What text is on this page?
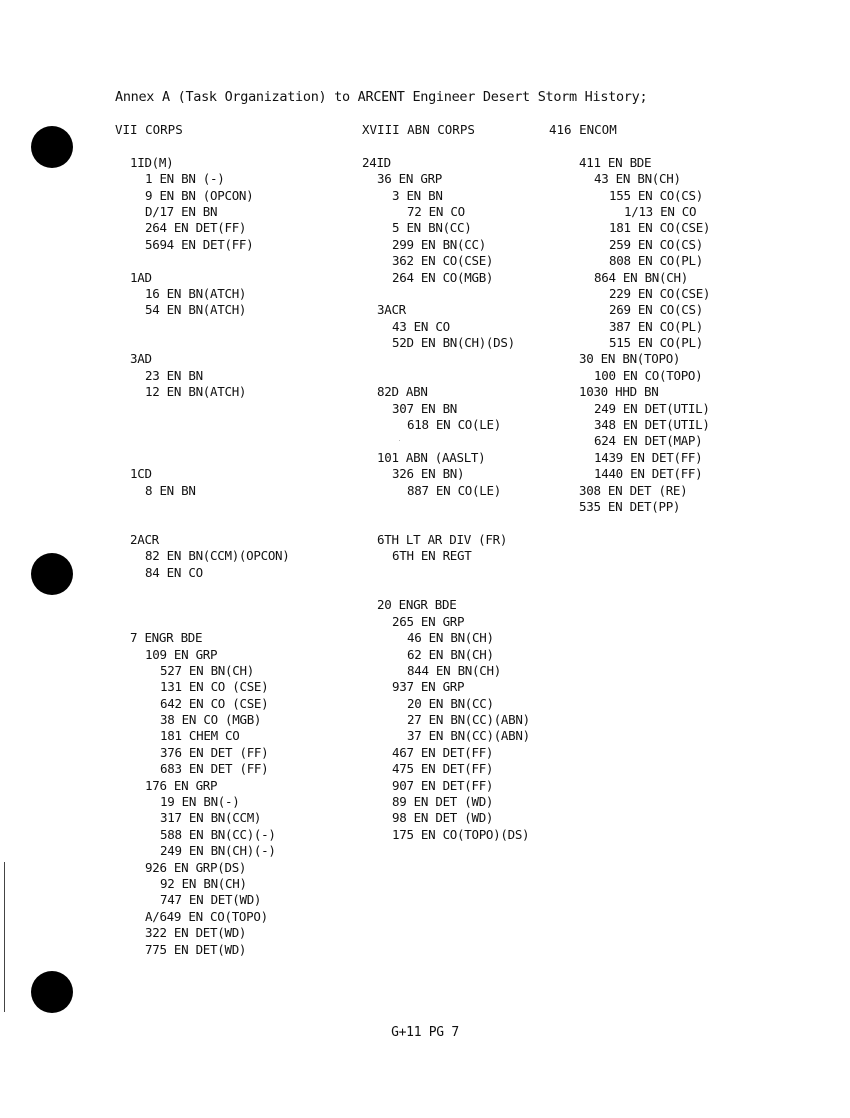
Annex A (Task Organization) to ARCENT Engineer Desert Storm History;
VII CORPS
1ID(M)
1 EN BN (-)
9 EN BN (OPCON)
D/17 EN BN
264 EN DET(FF)
5694 EN DET(FF)
1AD
16 EN BN(ATCH)
54 EN BN(ATCH)
3AD
23 EN BN
12 EN BN(ATCH)
1CD
8 EN BN
2ACR
82 EN BN(CCM)(OPCON)
84 EN CO
7 ENGR BDE
109 EN GRP
527 EN BN(CH)
131 EN CO (CSE)
642 EN CO (CSE)
38 EN CO (MGB)
181 CHEM CO
376 EN DET (FF)
683 EN DET (FF)
176 EN GRP
19 EN BN(-)
317 EN BN(CCM)
588 EN BN(CC)(-)
249 EN BN(CH)(-)
926 EN GRP(DS)
92 EN BN(CH)
747 EN DET(WD)
A/649 EN CO(TOPO)
322 EN DET(WD)
775 EN DET(WD)
XVIII ABN CORPS
24ID
36 EN GRP
3 EN BN
72 EN CO
5 EN BN(CC)
299 EN BN(CC)
362 EN CO(CSE)
264 EN CO(MGB)
3ACR
43 EN CO
52D EN BN(CH)(DS)
82D ABN
307 EN BN
618 EN CO(LE)
101 ABN (AASLT)
326 EN BN)
887 EN CO(LE)
6TH LT AR DIV (FR)
6TH EN REGT
20 ENGR BDE
265 EN GRP
46 EN BN(CH)
62 EN BN(CH)
844 EN BN(CH)
937 EN GRP
20 EN BN(CC)
27 EN BN(CC)(ABN)
37 EN BN(CC)(ABN)
467 EN DET(FF)
475 EN DET(FF)
907 EN DET(FF)
89 EN DET (WD)
98 EN DET (WD)
175 EN CO(TOPO)(DS)
416 ENCOM
411 EN BDE
43 EN BN(CH)
155 EN CO(CS)
1/13 EN CO
181 EN CO(CSE)
259 EN CO(CS)
808 EN CO(PL)
864 EN BN(CH)
229 EN CO(CSE)
269 EN CO(CS)
387 EN CO(PL)
515 EN CO(PL)
30 EN BN(TOPO)
100 EN CO(TOPO)
1030 HHD BN
249 EN DET(UTIL)
348 EN DET(UTIL)
624 EN DET(MAP)
1439 EN DET(FF)
1440 EN DET(FF)
308 EN DET (RE)
535 EN DET(PP)
G+11 PG 7
